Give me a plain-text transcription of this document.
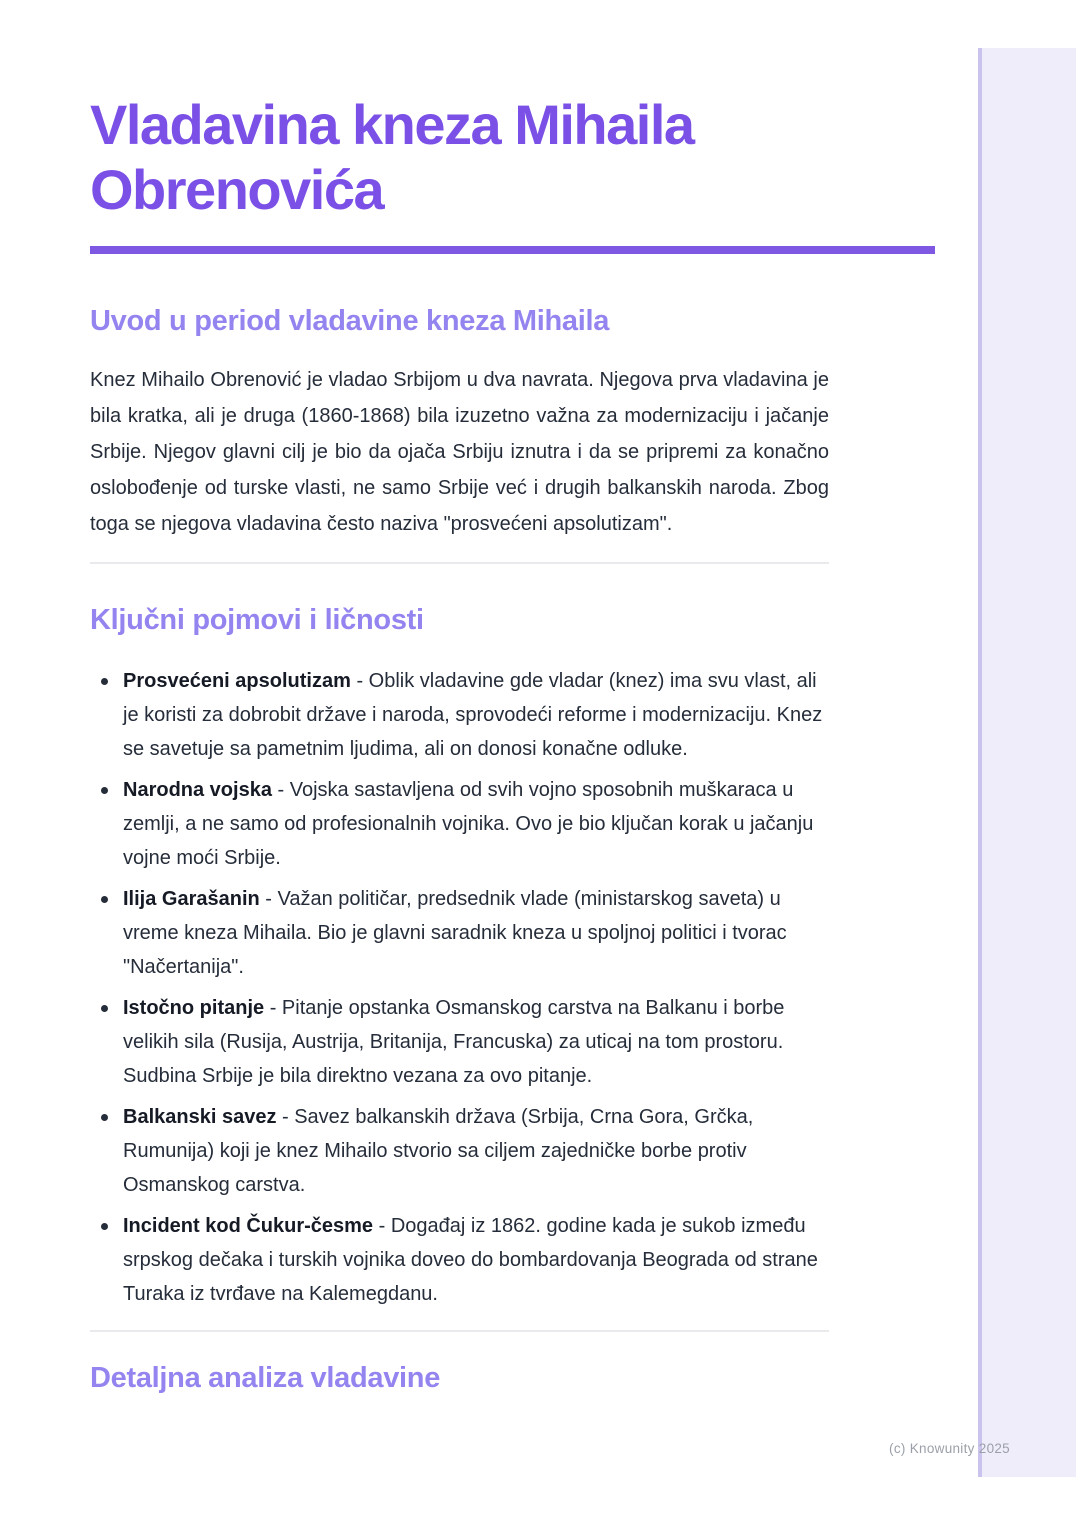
Vladavina kneza Mihaila Obrenovića
Uvod u period vladavine kneza Mihaila

Knez Mihailo Obrenović je vladao Srbijom u dva navrata. Njegova prva vladavina je bila kratka, ali je druga (1860-1868) bila izuzetno važna za modernizaciju i jačanje Srbije. Njegov glavni cilj je bio da ojača Srbiju iznutra i da se pripremi za konačno oslobođenje od turske vlasti, ne samo Srbije već i drugih balkanskih naroda. Zbog toga se njegova vladavina često naziva "prosvećeni apsolutizam".

Ključni pojmovi i ličnosti
Prosvećeni apsolutizam - Oblik vladavine gde vladar (knez) ima svu vlast, ali je koristi za dobrobit države i naroda, sprovodeći reforme i modernizaciju. Knez se savetuje sa pametnim ljudima, ali on donosi konačne odluke.
Narodna vojska - Vojska sastavljena od svih vojno sposobnih muškaraca u zemlji, a ne samo od profesionalnih vojnika. Ovo je bio ključan korak u jačanju vojne moći Srbije.
Ilija Garašanin - Važan političar, predsednik vlade (ministarskog saveta) u vreme kneza Mihaila. Bio je glavni saradnik kneza u spoljnoj politici i tvorac "Načertanija".
Istočno pitanje - Pitanje opstanka Osmanskog carstva na Balkanu i borbe velikih sila (Rusija, Austrija, Britanija, Francuska) za uticaj na tom prostoru. Sudbina Srbije je bila direktno vezana za ovo pitanje.
Balkanski savez - Savez balkanskih država (Srbija, Crna Gora, Grčka, Rumunija) koji je knez Mihailo stvorio sa ciljem zajedničke borbe protiv Osmanskog carstva.
Incident kod Čukur-česme - Događaj iz 1862. godine kada je sukob između srpskog dečaka i turskih vojnika doveo do bombardovanja Beograda od strane Turaka iz tvrđave na Kalemegdanu.
Detaljna analiza vladavine
(c) Knowunity 2025
